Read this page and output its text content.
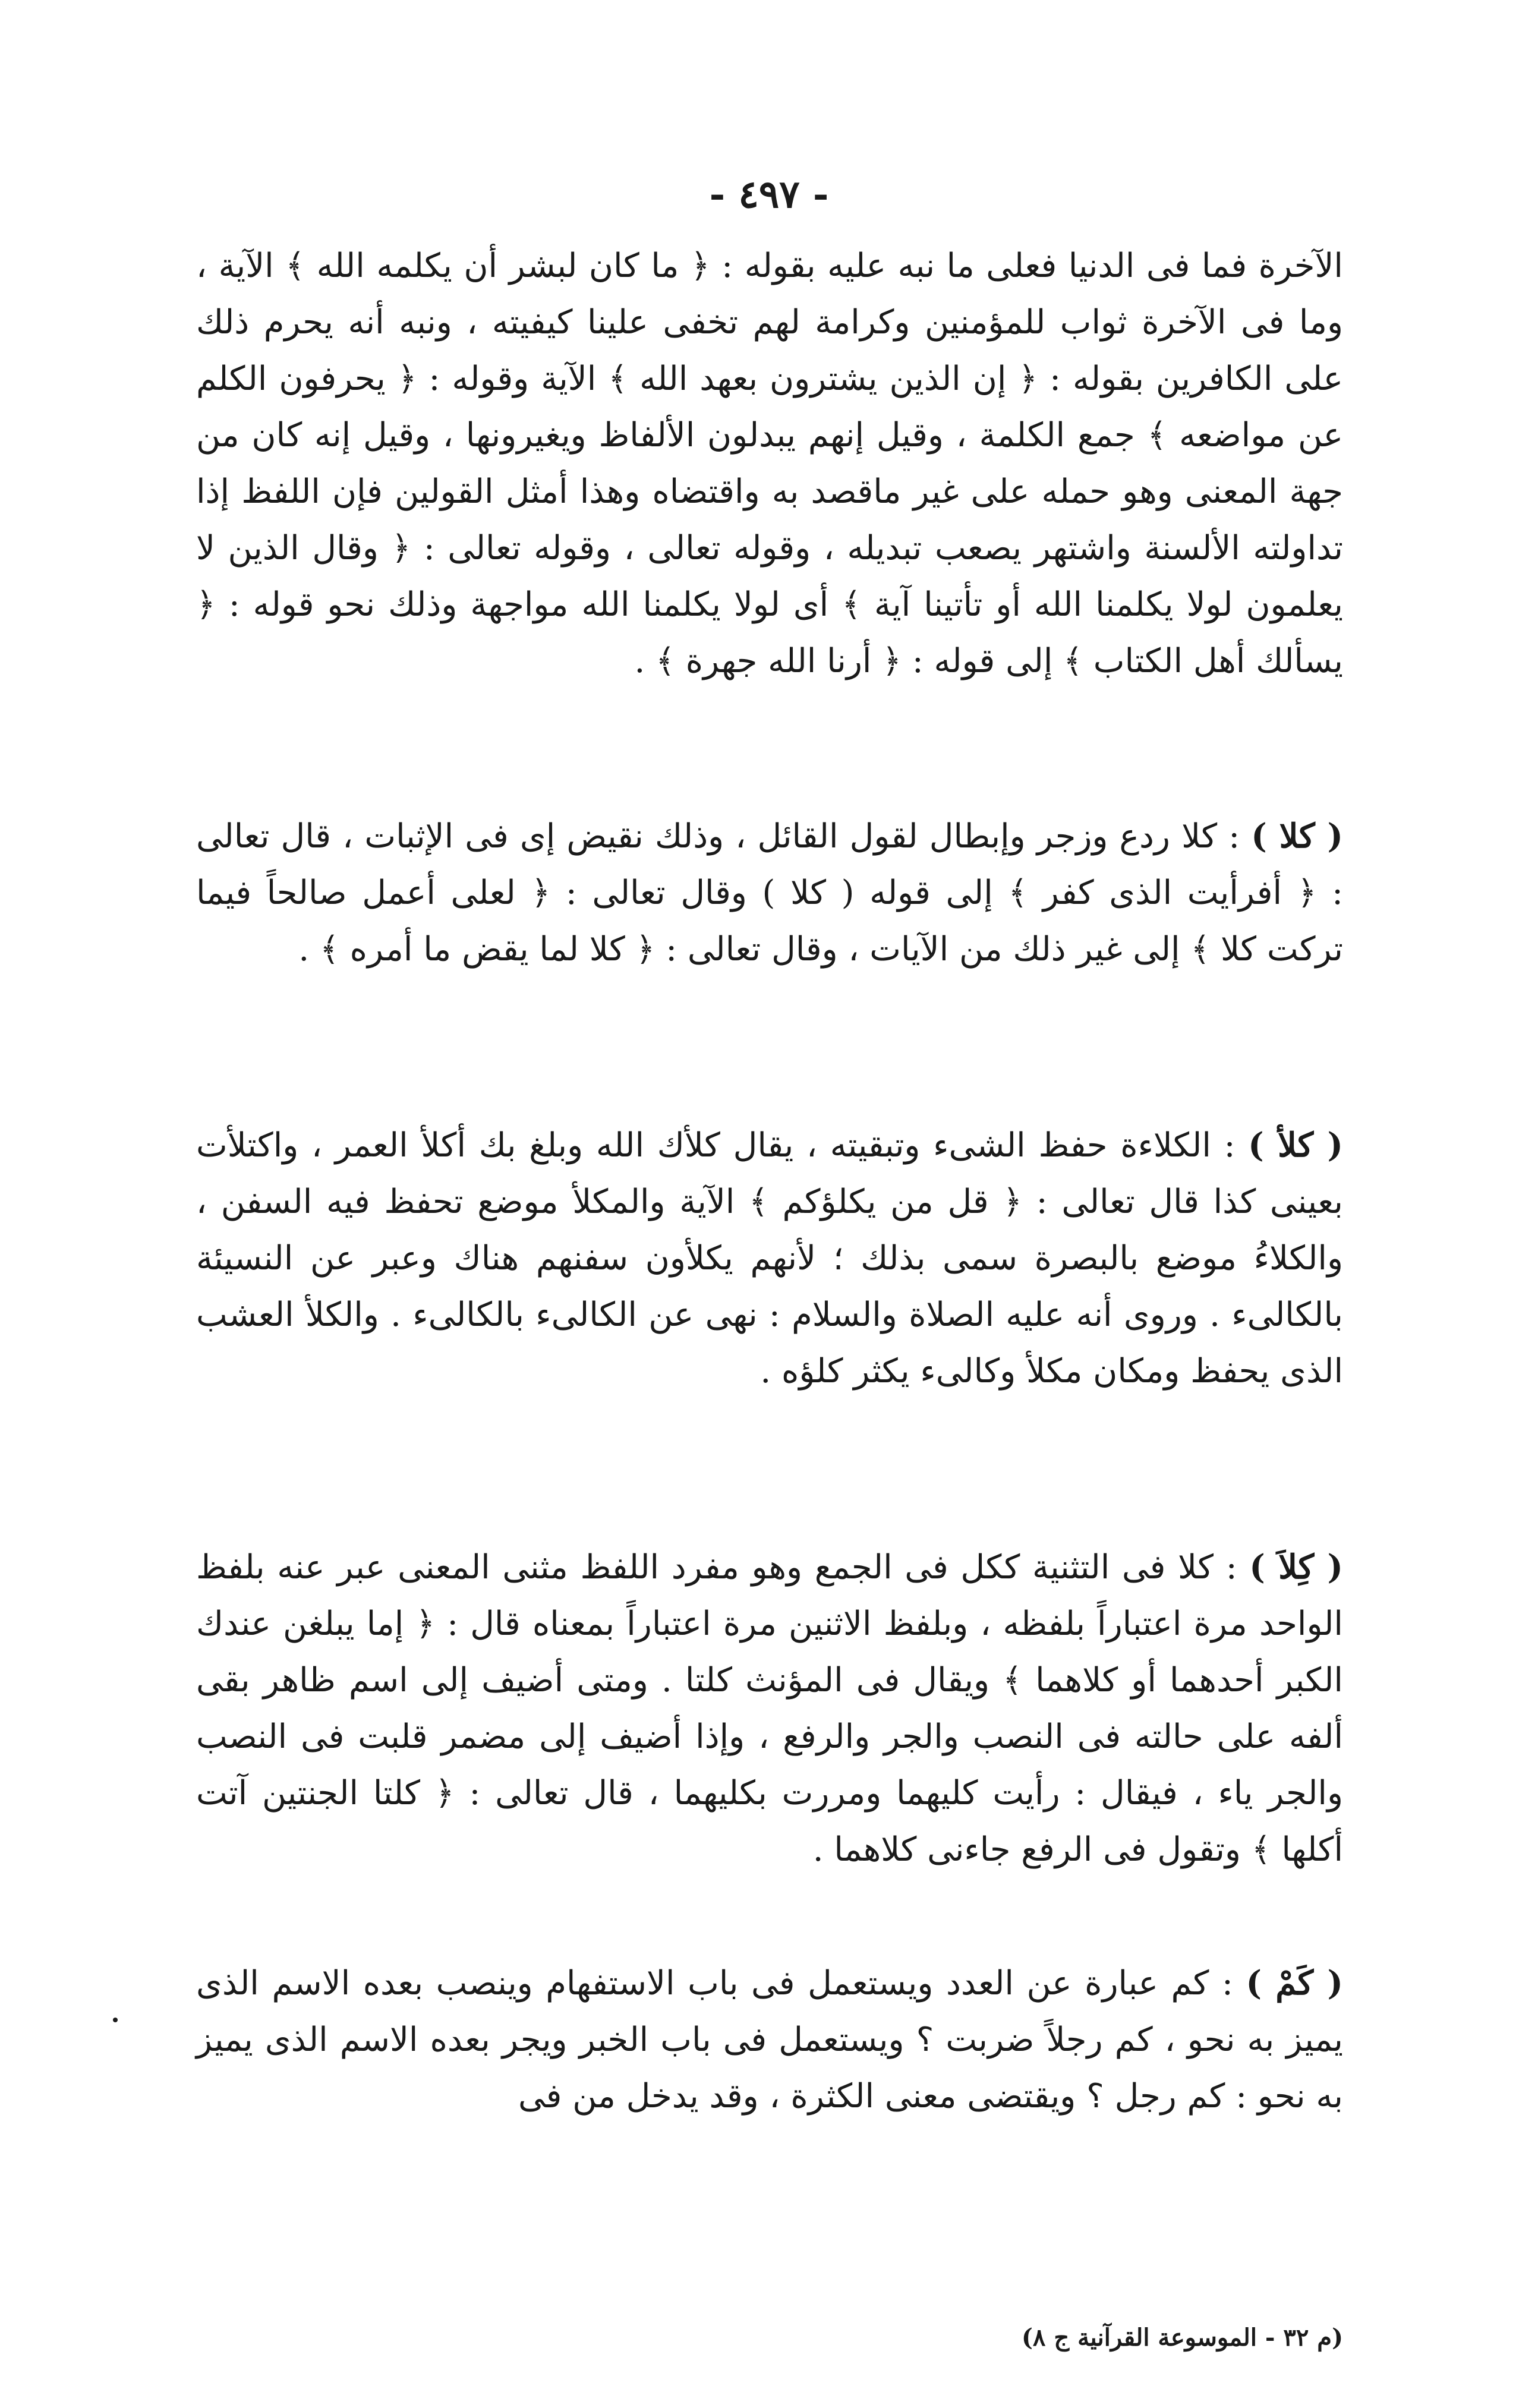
- ٤٩٧ -

الآخرة فما فى الدنيا فعلى ما نبه عليه بقوله : ﴿ ما كان لبشر أن يكلمه الله ﴾ الآية ، وما فى الآخرة ثواب للمؤمنين وكرامة لهم تخفى علينا كيفيته ، ونبه أنه يحرم ذلك على الكافرين بقوله : ﴿ إن الذين يشترون بعهد الله ﴾ الآية وقوله : ﴿ يحرفون الكلم عن مواضعه ﴾ جمع الكلمة ، وقيل إنهم يبدلون الألفاظ ويغيرونها ، وقيل إنه كان من جهة المعنى وهو حمله على غير ماقصد به واقتضاه وهذا أمثل القولين فإن اللفظ إذا تداولته الألسنة واشتهر يصعب تبديله ، وقوله تعالى ، وقوله تعالى : ﴿ وقال الذين لا يعلمون لولا يكلمنا الله أو تأتينا آية ﴾ أى لولا يكلمنا الله مواجهة وذلك نحو قوله : ﴿ يسألك أهل الكتاب ﴾ إلى قوله : ﴿ أرنا الله جهرة ﴾ .

( كلا ) : كلا ردع وزجر وإبطال لقول القائل ، وذلك نقيض إى فى الإثبات ، قال تعالى : ﴿ أفرأيت الذى كفر ﴾ إلى قوله ( كلا ) وقال تعالى : ﴿ لعلى أعمل صالحاً فيما تركت كلا ﴾ إلى غير ذلك من الآيات ، وقال تعالى : ﴿ كلا لما يقض ما أمره ﴾ .

( كلأ ) : الكلاءة حفظ الشىء وتبقيته ، يقال كلأك الله وبلغ بك أكلأ العمر ، واكتلأت بعينى كذا قال تعالى : ﴿ قل من يكلؤكم ﴾ الآية والمكلأ موضع تحفظ فيه السفن ، والكلاءُ موضع بالبصرة سمى بذلك ؛ لأنهم يكلأون سفنهم هناك وعبر عن النسيئة بالكالىء . وروى أنه عليه الصلاة والسلام : نهى عن الكالىء بالكالىء . والكلأ العشب الذى يحفظ ومكان مكلأ وكالىء يكثر كلؤه .

( كِلاَ ) : كلا فى التثنية ككل فى الجمع وهو مفرد اللفظ مثنى المعنى عبر عنه بلفظ الواحد مرة اعتباراً بلفظه ، وبلفظ الاثنين مرة اعتباراً بمعناه قال : ﴿ إما يبلغن عندك الكبر أحدهما أو كلاهما ﴾ ويقال فى المؤنث كلتا . ومتى أضيف إلى اسم ظاهر بقى ألفه على حالته فى النصب والجر والرفع ، وإذا أضيف إلى مضمر قلبت فى النصب والجر ياء ، فيقال : رأيت كليهما ومررت بكليهما ، قال تعالى : ﴿ كلتا الجنتين آتت أكلها ﴾ وتقول فى الرفع جاءنى كلاهما .

( كَمْ ) : كم عبارة عن العدد ويستعمل فى باب الاستفهام وينصب بعده الاسم الذى يميز به نحو ، كم رجلاً ضربت ؟ ويستعمل فى باب الخبر ويجر بعده الاسم الذى يميز به نحو : كم رجل ؟ ويقتضى معنى الكثرة ، وقد يدخل من فى

(م ٣٢ - الموسوعة القرآنية ج ٨)
